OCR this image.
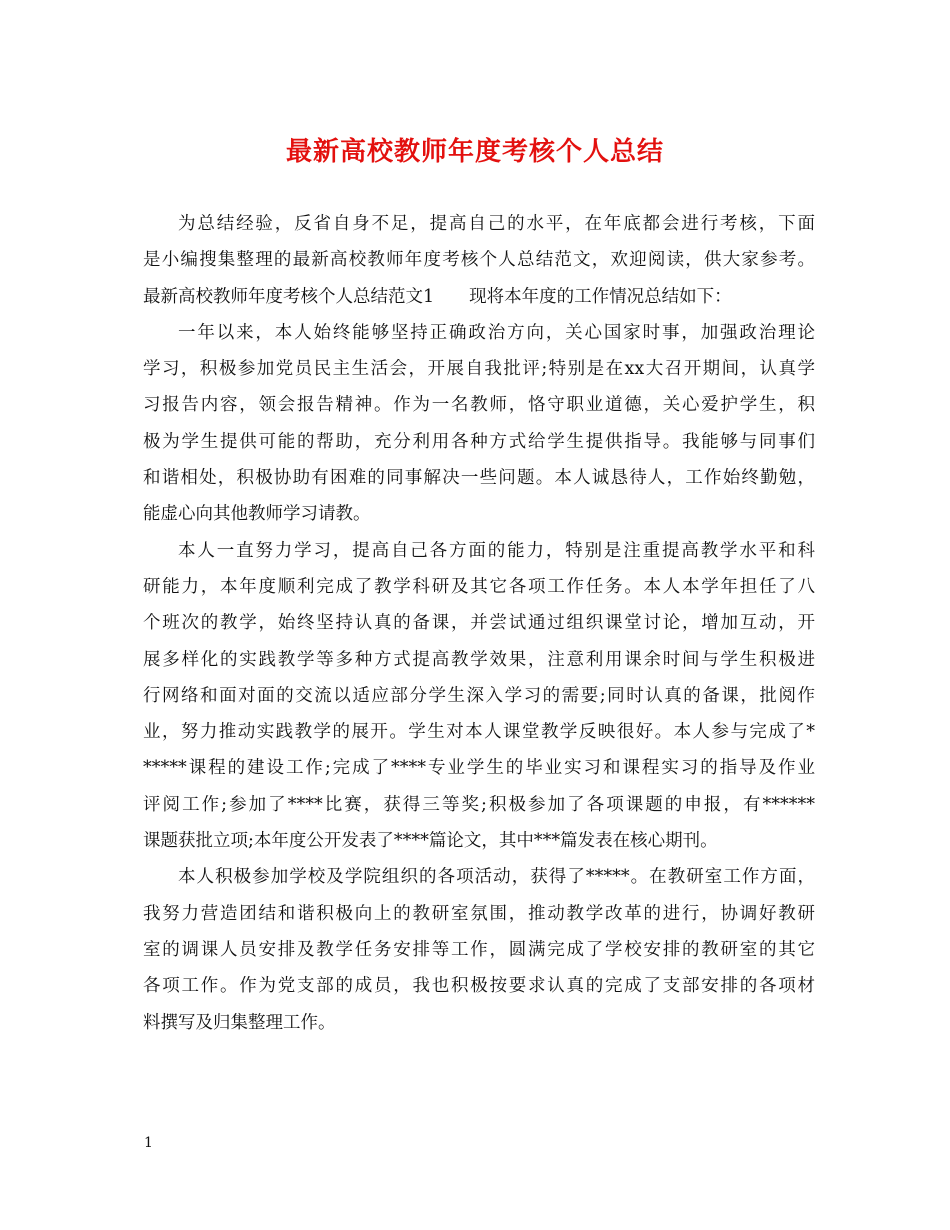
最新高校教师年度考核个人总结
为总结经验，反省自身不足，提高自己的水平，在年底都会进行考核，下面
是小编搜集整理的最新高校教师年度考核个人总结范文，欢迎阅读，供大家参考。
最新高校教师年度考核个人总结范文1　　现将本年度的工作情况总结如下：
一年以来，本人始终能够坚持正确政治方向，关心国家时事，加强政治理论
学习，积极参加党员民主生活会，开展自我批评;特别是在xx大召开期间，认真学
习报告内容，领会报告精神。作为一名教师，恪守职业道德，关心爱护学生，积
极为学生提供可能的帮助，充分利用各种方式给学生提供指导。我能够与同事们
和谐相处，积极协助有困难的同事解决一些问题。本人诚恳待人，工作始终勤勉，
能虚心向其他教师学习请教。
本人一直努力学习，提高自己各方面的能力，特别是注重提高教学水平和科
研能力，本年度顺利完成了教学科研及其它各项工作任务。本人本学年担任了八
个班次的教学，始终坚持认真的备课，并尝试通过组织课堂讨论，增加互动，开
展多样化的实践教学等多种方式提高教学效果，注意利用课余时间与学生积极进
行网络和面对面的交流以适应部分学生深入学习的需要;同时认真的备课，批阅作
业，努力推动实践教学的展开。学生对本人课堂教学反映很好。本人参与完成了*
*****课程的建设工作;完成了****专业学生的毕业实习和课程实习的指导及作业
评阅工作;参加了****比赛，获得三等奖;积极参加了各项课题的申报，有******
课题获批立项;本年度公开发表了****篇论文，其中***篇发表在核心期刊。
本人积极参加学校及学院组织的各项活动，获得了*****。在教研室工作方面，
我努力营造团结和谐积极向上的教研室氛围，推动教学改革的进行，协调好教研
室的调课人员安排及教学任务安排等工作，圆满完成了学校安排的教研室的其它
各项工作。作为党支部的成员，我也积极按要求认真的完成了支部安排的各项材
料撰写及归集整理工作。
1
